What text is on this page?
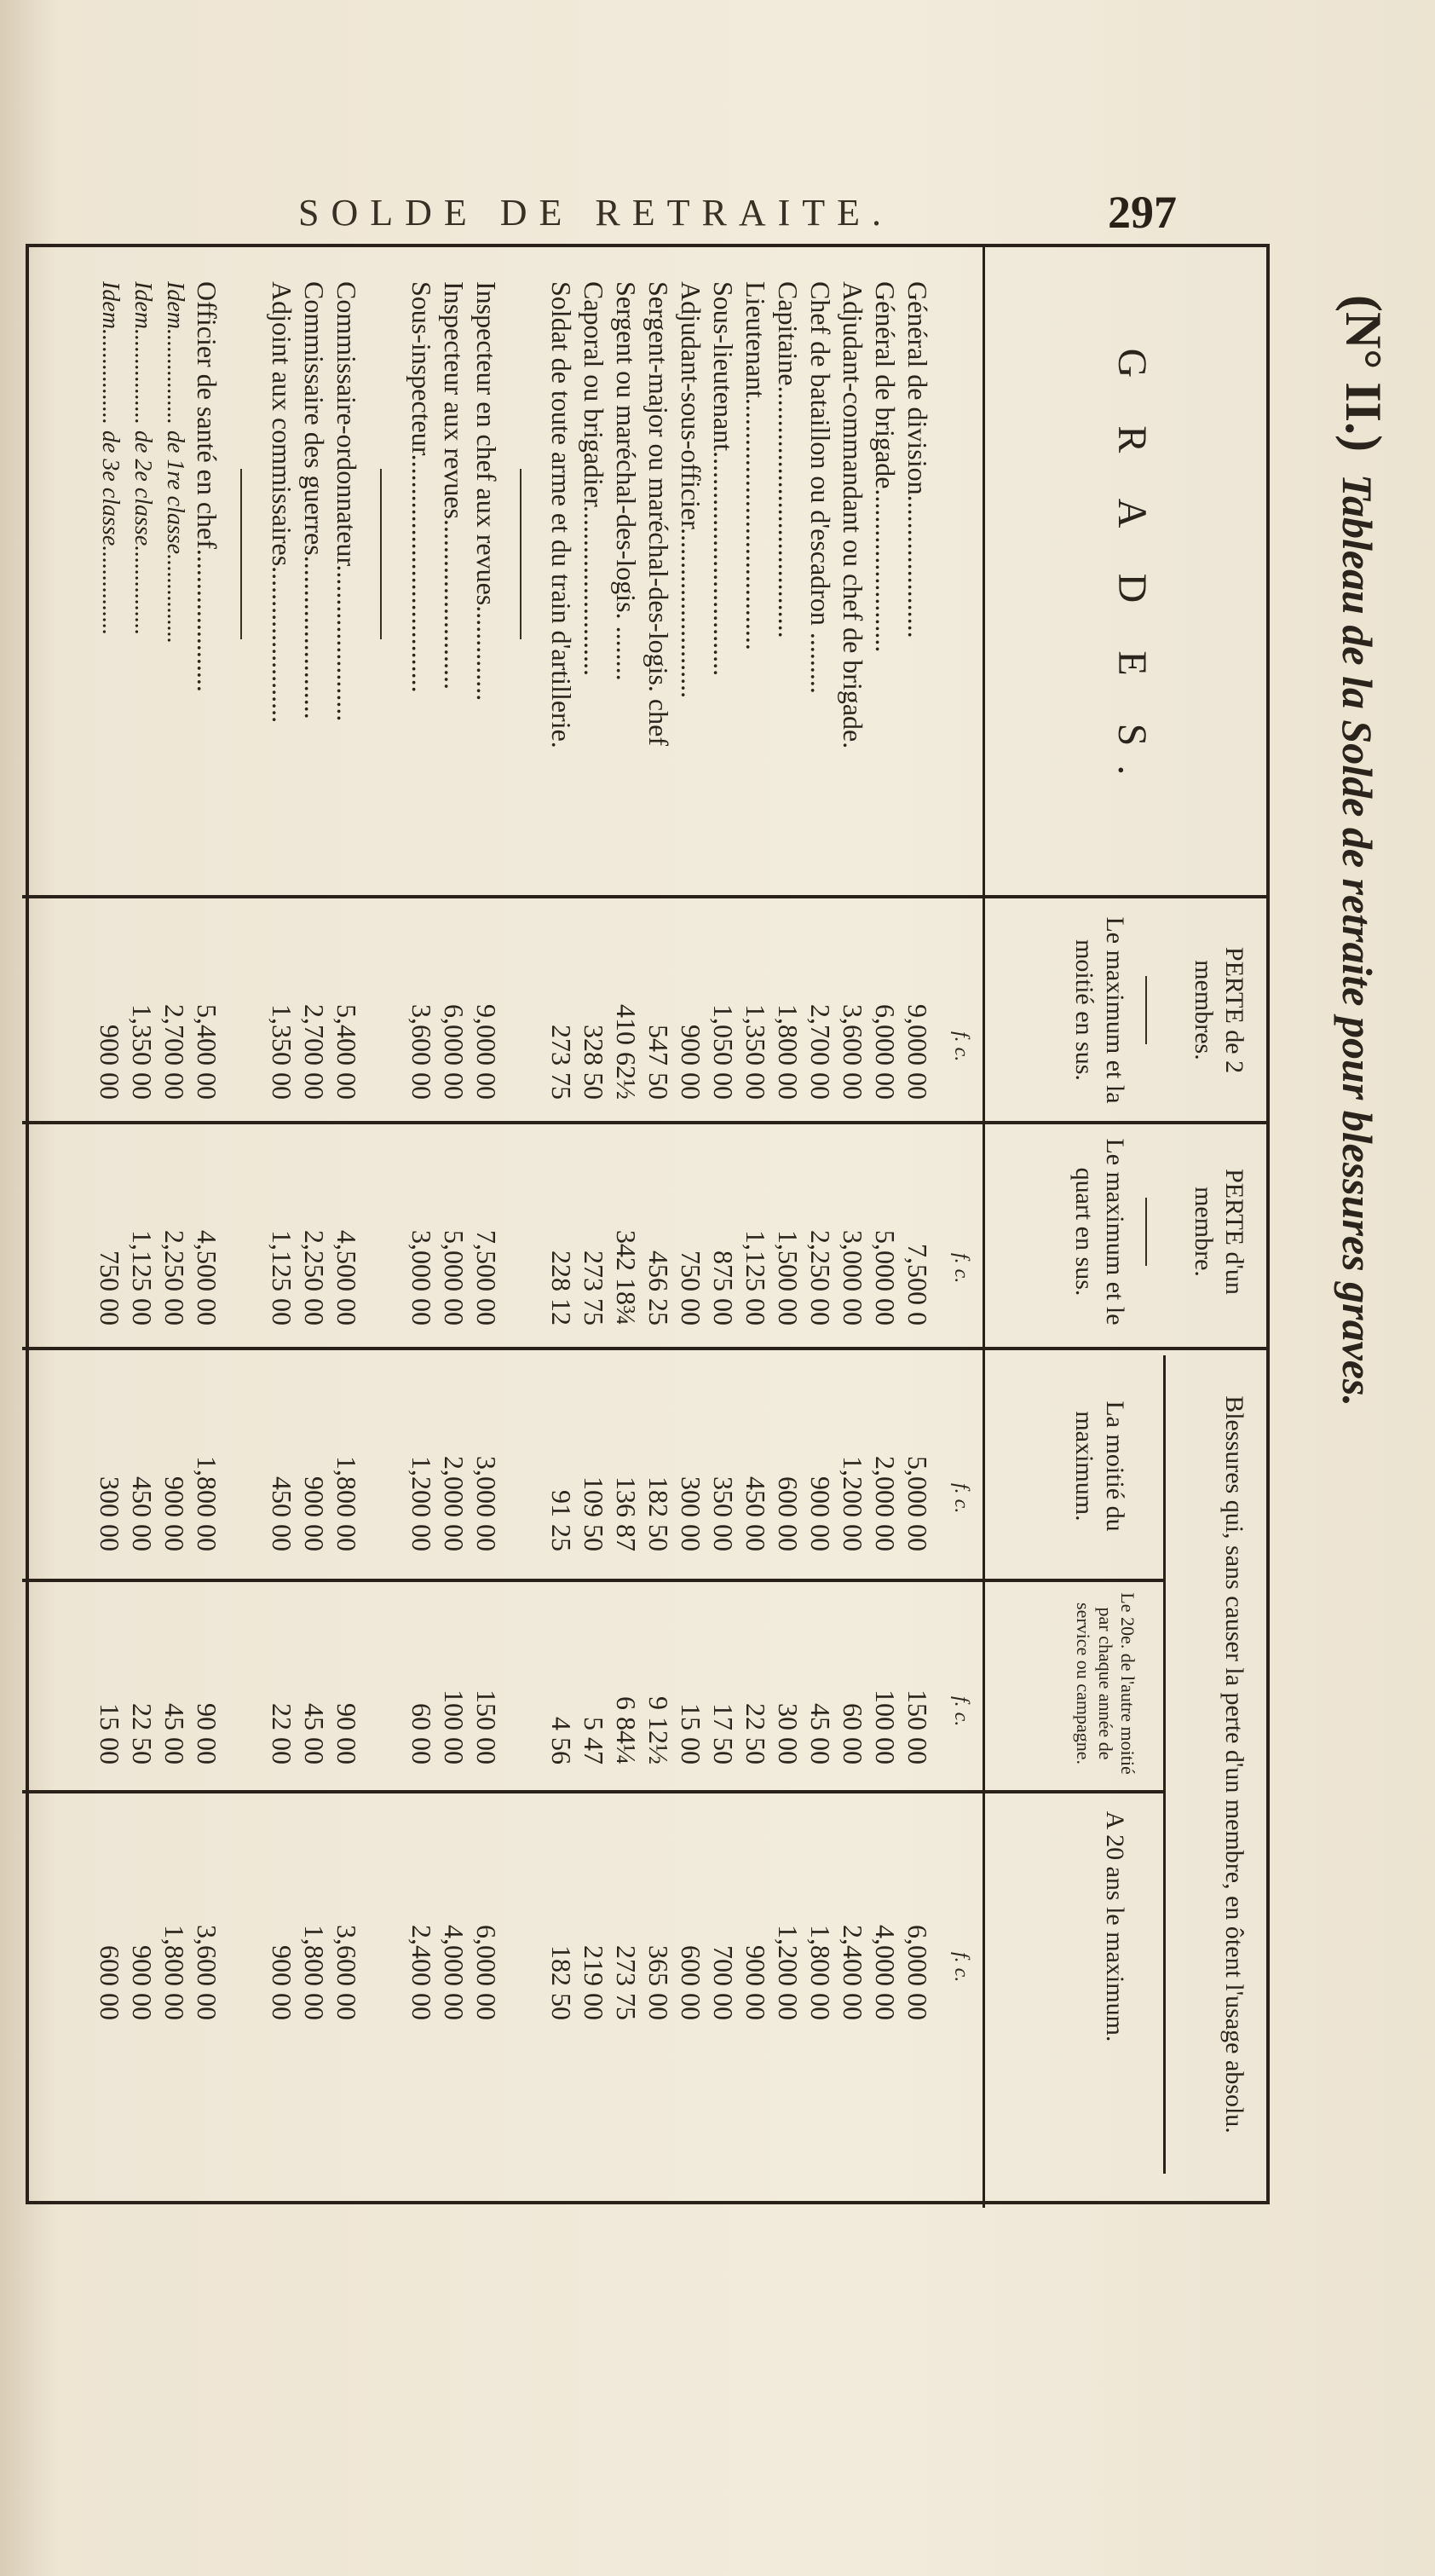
SOLDE DE RETRAITE.	297
(N° II.)
Tableau de la Solde de retraite pour blessures graves.
G R A D E S.
PERTE de 2 membres.
Le maximum et la moitié en sus.
PERTE d'un membre.
Le maximum et le quart en sus.
Blessures qui, sans causer la perte d'un membre, en ôtent l'usage absolu.
La moitié du maximum.
Le 20e. de l'autre moitié par chaque année de service ou campagne.
A 20 ans le maximum.
f. c.
f. c.
f. c.
f. c.
f. c.
Général de division.....................
9,000 00
7,500 0
5,000 00
150 00
6,000 00
Général de brigade........................
6,000 00
5,000 00
2,000 00
100 00
4,000 00
Adjudant-commandant ou chef de brigade.
3,600 00
3,000 00
1,200 00
60 00
2,400 00
Chef de bataillon ou d'escadron .........
2,700 00
2,250 00
900 00
45 00
1,800 00
Capitaine.....................................
1,800 00
1,500 00
600 00
30 00
1,200 00
Lieutenant.....................................
1,350 00
1,125 00
450 00
22 50
900 00
Sous-lieutenant.................................
1,050 00
875 00
350 00
17 50
700 00
Adjudant-sous-officier.........................
900 00
750 00
300 00
15 00
600 00
Sergent-major ou maréchal-des-logis. chef
547 50
456 25
182 50
9 12½
365 00
Sergent ou maréchal-des-logis. ........
410 62½
342 18¾
136 87
6 84¼
273 75
Caporal ou brigadier.........................
328 50
273 75
109 50
5 47
219 00
Soldat de toute arme et du train d'artillerie.
273 75
228 12
91 25
4 56
182 50
Inspecteur en chef aux revues..............
9,000 00
7,500 00
3,000 00
150 00
6,000 00
Inspecteur aux revues.........................
6,000 00
5,000 00
2,000 00
100 00
4,000 00
Sous-inspecteur...................................
3,600 00
3,000 00
1,200 00
60 00
2,400 00
Commissaire-ordonnateur.......................
5,400 00
4,500 00
1,800 00
90 00
3,600 00
Commissaire des guerres........................
2,700 00
2,250 00
900 00
45 00
1,800 00
Adjoint aux commissaires.......................
1,350 00
1,125 00
450 00
22 00
900 00
Officier de santé en chef.....................
5,400 00
4,500 00
1,800 00
90 00
3,600 00
Idem................ de 1re classe...............
2,700 00
2,250 00
900 00
45 00
1,800 00
Idem................ de 2e classe...............
1,350 00
1,125 00
450 00
22 50
900 00
Idem................ de 3e classe...............
900 00
750 00
300 00
15 00
600 00
